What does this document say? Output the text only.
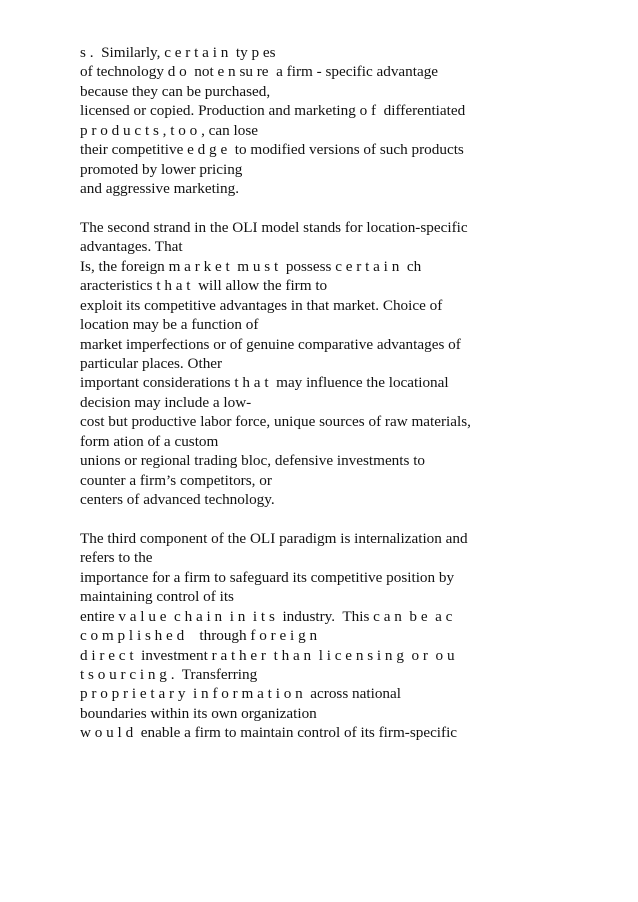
s .  Similarly, c e r t a i n  ty p es
of technology d o  not e n su re  a firm - specific advantage
because they can be purchased,
licensed or copied. Production and marketing o f  differentiated
p r o d u c t s , t o o , can lose
their competitive e d g e  to modified versions of such products
promoted by lower pricing
and aggressive marketing.
The second strand in the OLI model stands for location-specific
advantages. That
Is, the foreign m a r k e t  m u s t  possess c e r t a i n  ch
aracteristics t h a t  will allow the firm to
exploit its competitive advantages in that market. Choice of
location may be a function of
market imperfections or of genuine comparative advantages of
particular places. Other
important considerations t h a t  may influence the locational
decision may include a low-
cost but productive labor force, unique sources of raw materials,
form ation of a custom
unions or regional trading bloc, defensive investments to
counter a firm’s competitors, or
centers of advanced technology.
The third component of the OLI paradigm is internalization and
refers to the
importance for a firm to safeguard its competitive position by
maintaining control of its
entire v a l u e  c h a i n  i n  i t s  industry.  This c a n  b e  a c
c o m p l i s h e d    through f o r e i g n
d i r e c t  investment r a t h e r  t h a n  l i c e n s i n g  o r  o u
t s o u r c i n g .  Transferring
p r o p r i e t a r y  i n f o r m a t i o n  across national
boundaries within its own organization
w o u l d  enable a firm to maintain control of its firm-specific
